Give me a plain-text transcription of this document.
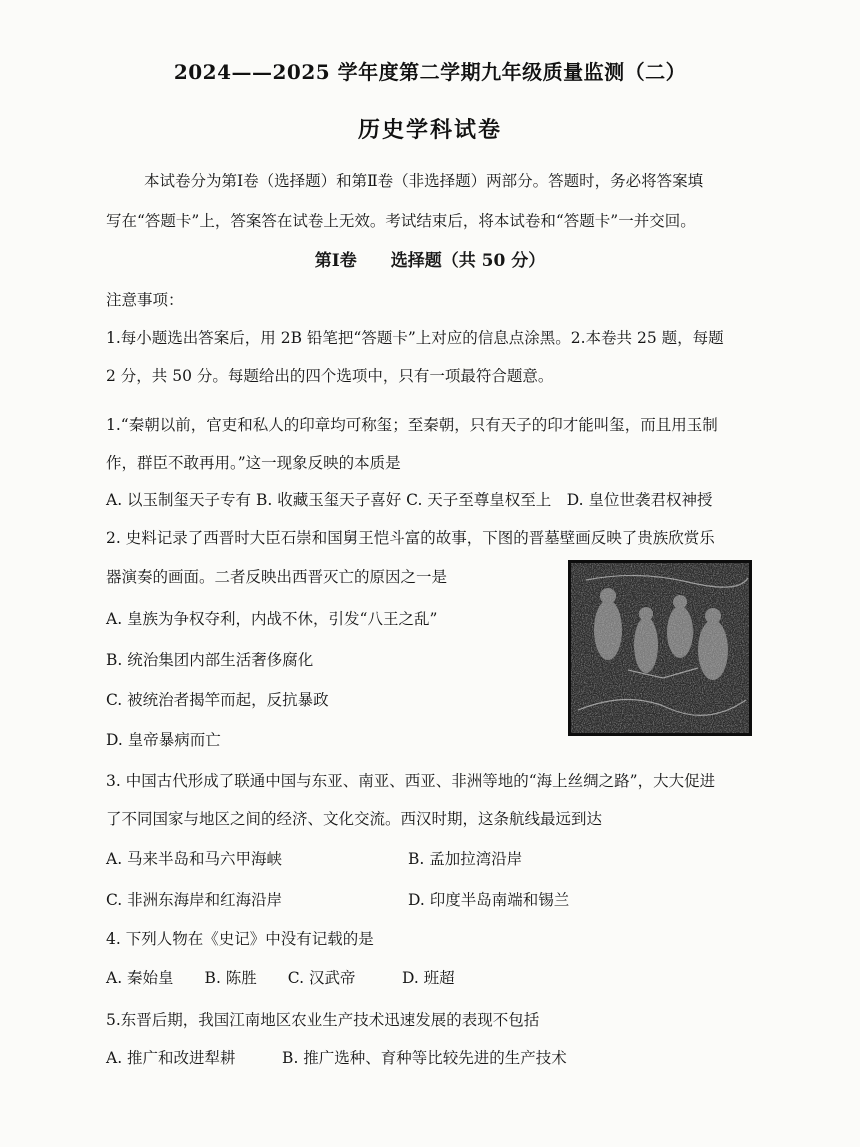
2024——2025 学年度第二学期九年级质量监测（二）
历史学科试卷
本试卷分为第Ⅰ卷（选择题）和第Ⅱ卷（非选择题）两部分。答题时，务必将答案填
写在“答题卡”上，答案答在试卷上无效。考试结束后，将本试卷和“答题卡”一并交回。
第Ⅰ卷　　选择题（共 50 分）
注意事项：
1.每小题选出答案后，用 2B 铅笔把“答题卡”上对应的信息点涂黑。2.本卷共 25 题，每题
2 分，共 50 分。每题给出的四个选项中，只有一项最符合题意。
1.“秦朝以前，官吏和私人的印章均可称玺；至秦朝，只有天子的印才能叫玺，而且用玉制
作，群臣不敢再用。”这一现象反映的本质是
A. 以玉制玺天子专有 B. 收藏玉玺天子喜好 C. 天子至尊皇权至上　D. 皇位世袭君权神授
2. 史料记录了西晋时大臣石崇和国舅王恺斗富的故事，下图的晋墓壁画反映了贵族欣赏乐
器演奏的画面。二者反映出西晋灭亡的原因之一是
A. 皇族为争权夺利，内战不休，引发“八王之乱”
B. 统治集团内部生活奢侈腐化
C. 被统治者揭竿而起，反抗暴政
D. 皇帝暴病而亡
3. 中国古代形成了联通中国与东亚、南亚、西亚、非洲等地的“海上丝绸之路”，大大促进
了不同国家与地区之间的经济、文化交流。西汉时期，这条航线最远到达
A. 马来半岛和马六甲海峡	B. 孟加拉湾沿岸
C. 非洲东海岸和红海沿岸	D. 印度半岛南端和锡兰
4. 下列人物在《史记》中没有记载的是
A. 秦始皇　　B. 陈胜　　C. 汉武帝　　　D. 班超
5.东晋后期，我国江南地区农业生产技术迅速发展的表现不包括
A. 推广和改进犁耕　　　B. 推广选种、育种等比较先进的生产技术
